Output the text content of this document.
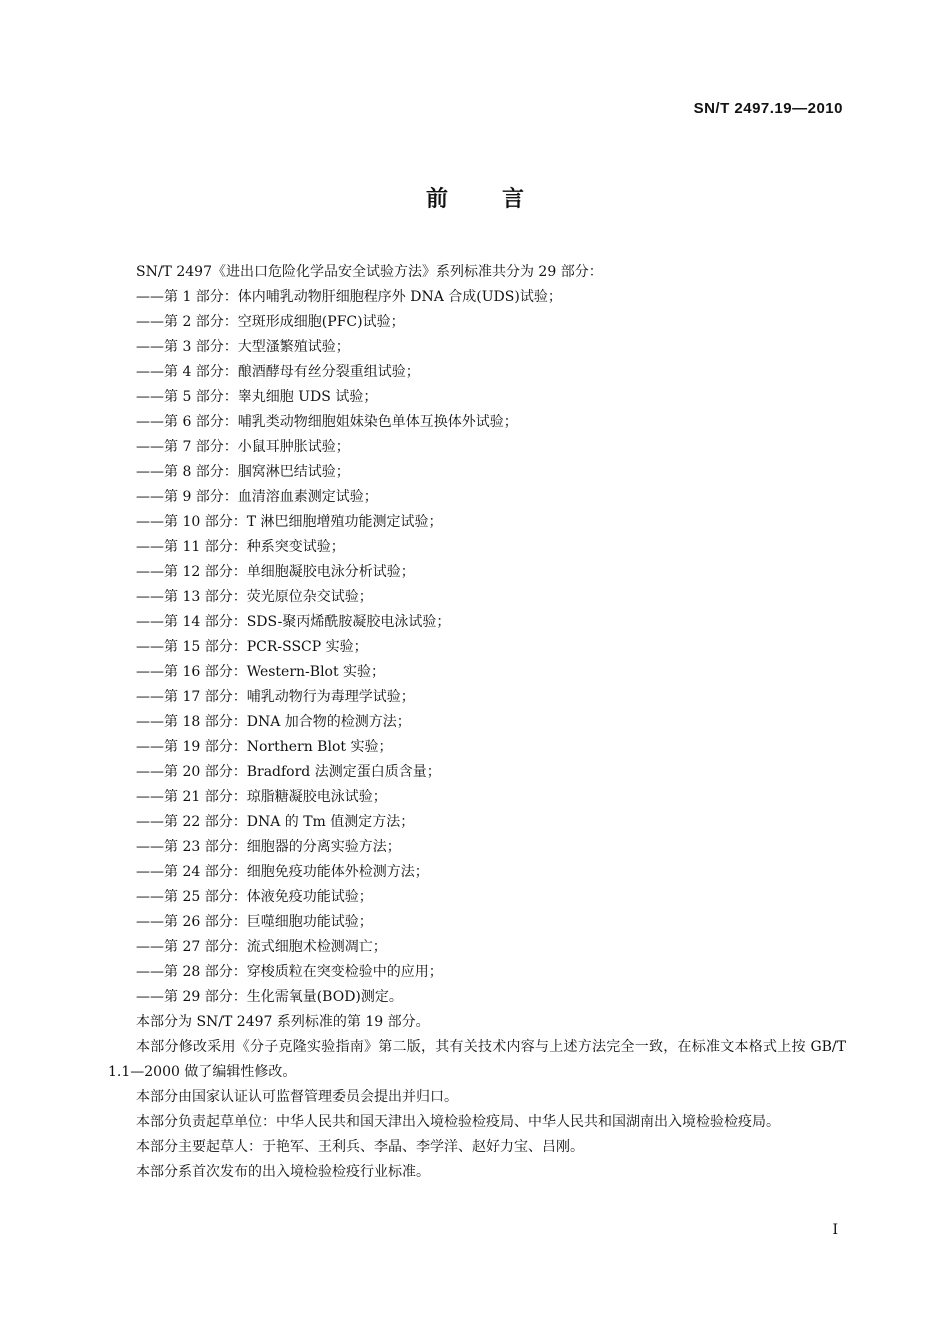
SN/T 2497.19—2010
前言
SN/T 2497《进出口危险化学品安全试验方法》系列标准共分为 29 部分：
——第 1 部分：体内哺乳动物肝细胞程序外 DNA 合成(UDS)试验；
——第 2 部分：空斑形成细胞(PFC)试验；
——第 3 部分：大型溞繁殖试验；
——第 4 部分：酿酒酵母有丝分裂重组试验；
——第 5 部分：睾丸细胞 UDS 试验；
——第 6 部分：哺乳类动物细胞姐妹染色单体互换体外试验；
——第 7 部分：小鼠耳肿胀试验；
——第 8 部分：腘窝淋巴结试验；
——第 9 部分：血清溶血素测定试验；
——第 10 部分：T 淋巴细胞增殖功能测定试验；
——第 11 部分：种系突变试验；
——第 12 部分：单细胞凝胶电泳分析试验；
——第 13 部分：荧光原位杂交试验；
——第 14 部分：SDS-聚丙烯酰胺凝胶电泳试验；
——第 15 部分：PCR-SSCP 实验；
——第 16 部分：Western-Blot 实验；
——第 17 部分：哺乳动物行为毒理学试验；
——第 18 部分：DNA 加合物的检测方法；
——第 19 部分：Northern Blot 实验；
——第 20 部分：Bradford 法测定蛋白质含量；
——第 21 部分：琼脂糖凝胶电泳试验；
——第 22 部分：DNA 的 Tm 值测定方法；
——第 23 部分：细胞器的分离实验方法；
——第 24 部分：细胞免疫功能体外检测方法；
——第 25 部分：体液免疫功能试验；
——第 26 部分：巨噬细胞功能试验；
——第 27 部分：流式细胞术检测凋亡；
——第 28 部分：穿梭质粒在突变检验中的应用；
——第 29 部分：生化需氧量(BOD)测定。
本部分为 SN/T 2497 系列标准的第 19 部分。
本部分修改采用《分子克隆实验指南》第二版，其有关技术内容与上述方法完全一致，在标准文本格式上按 GB/T 1.1—2000 做了编辑性修改。
本部分由国家认证认可监督管理委员会提出并归口。
本部分负责起草单位：中华人民共和国天津出入境检验检疫局、中华人民共和国湖南出入境检验检疫局。
本部分主要起草人：于艳军、王利兵、李晶、李学洋、赵好力宝、吕刚。
本部分系首次发布的出入境检验检疫行业标准。
I
